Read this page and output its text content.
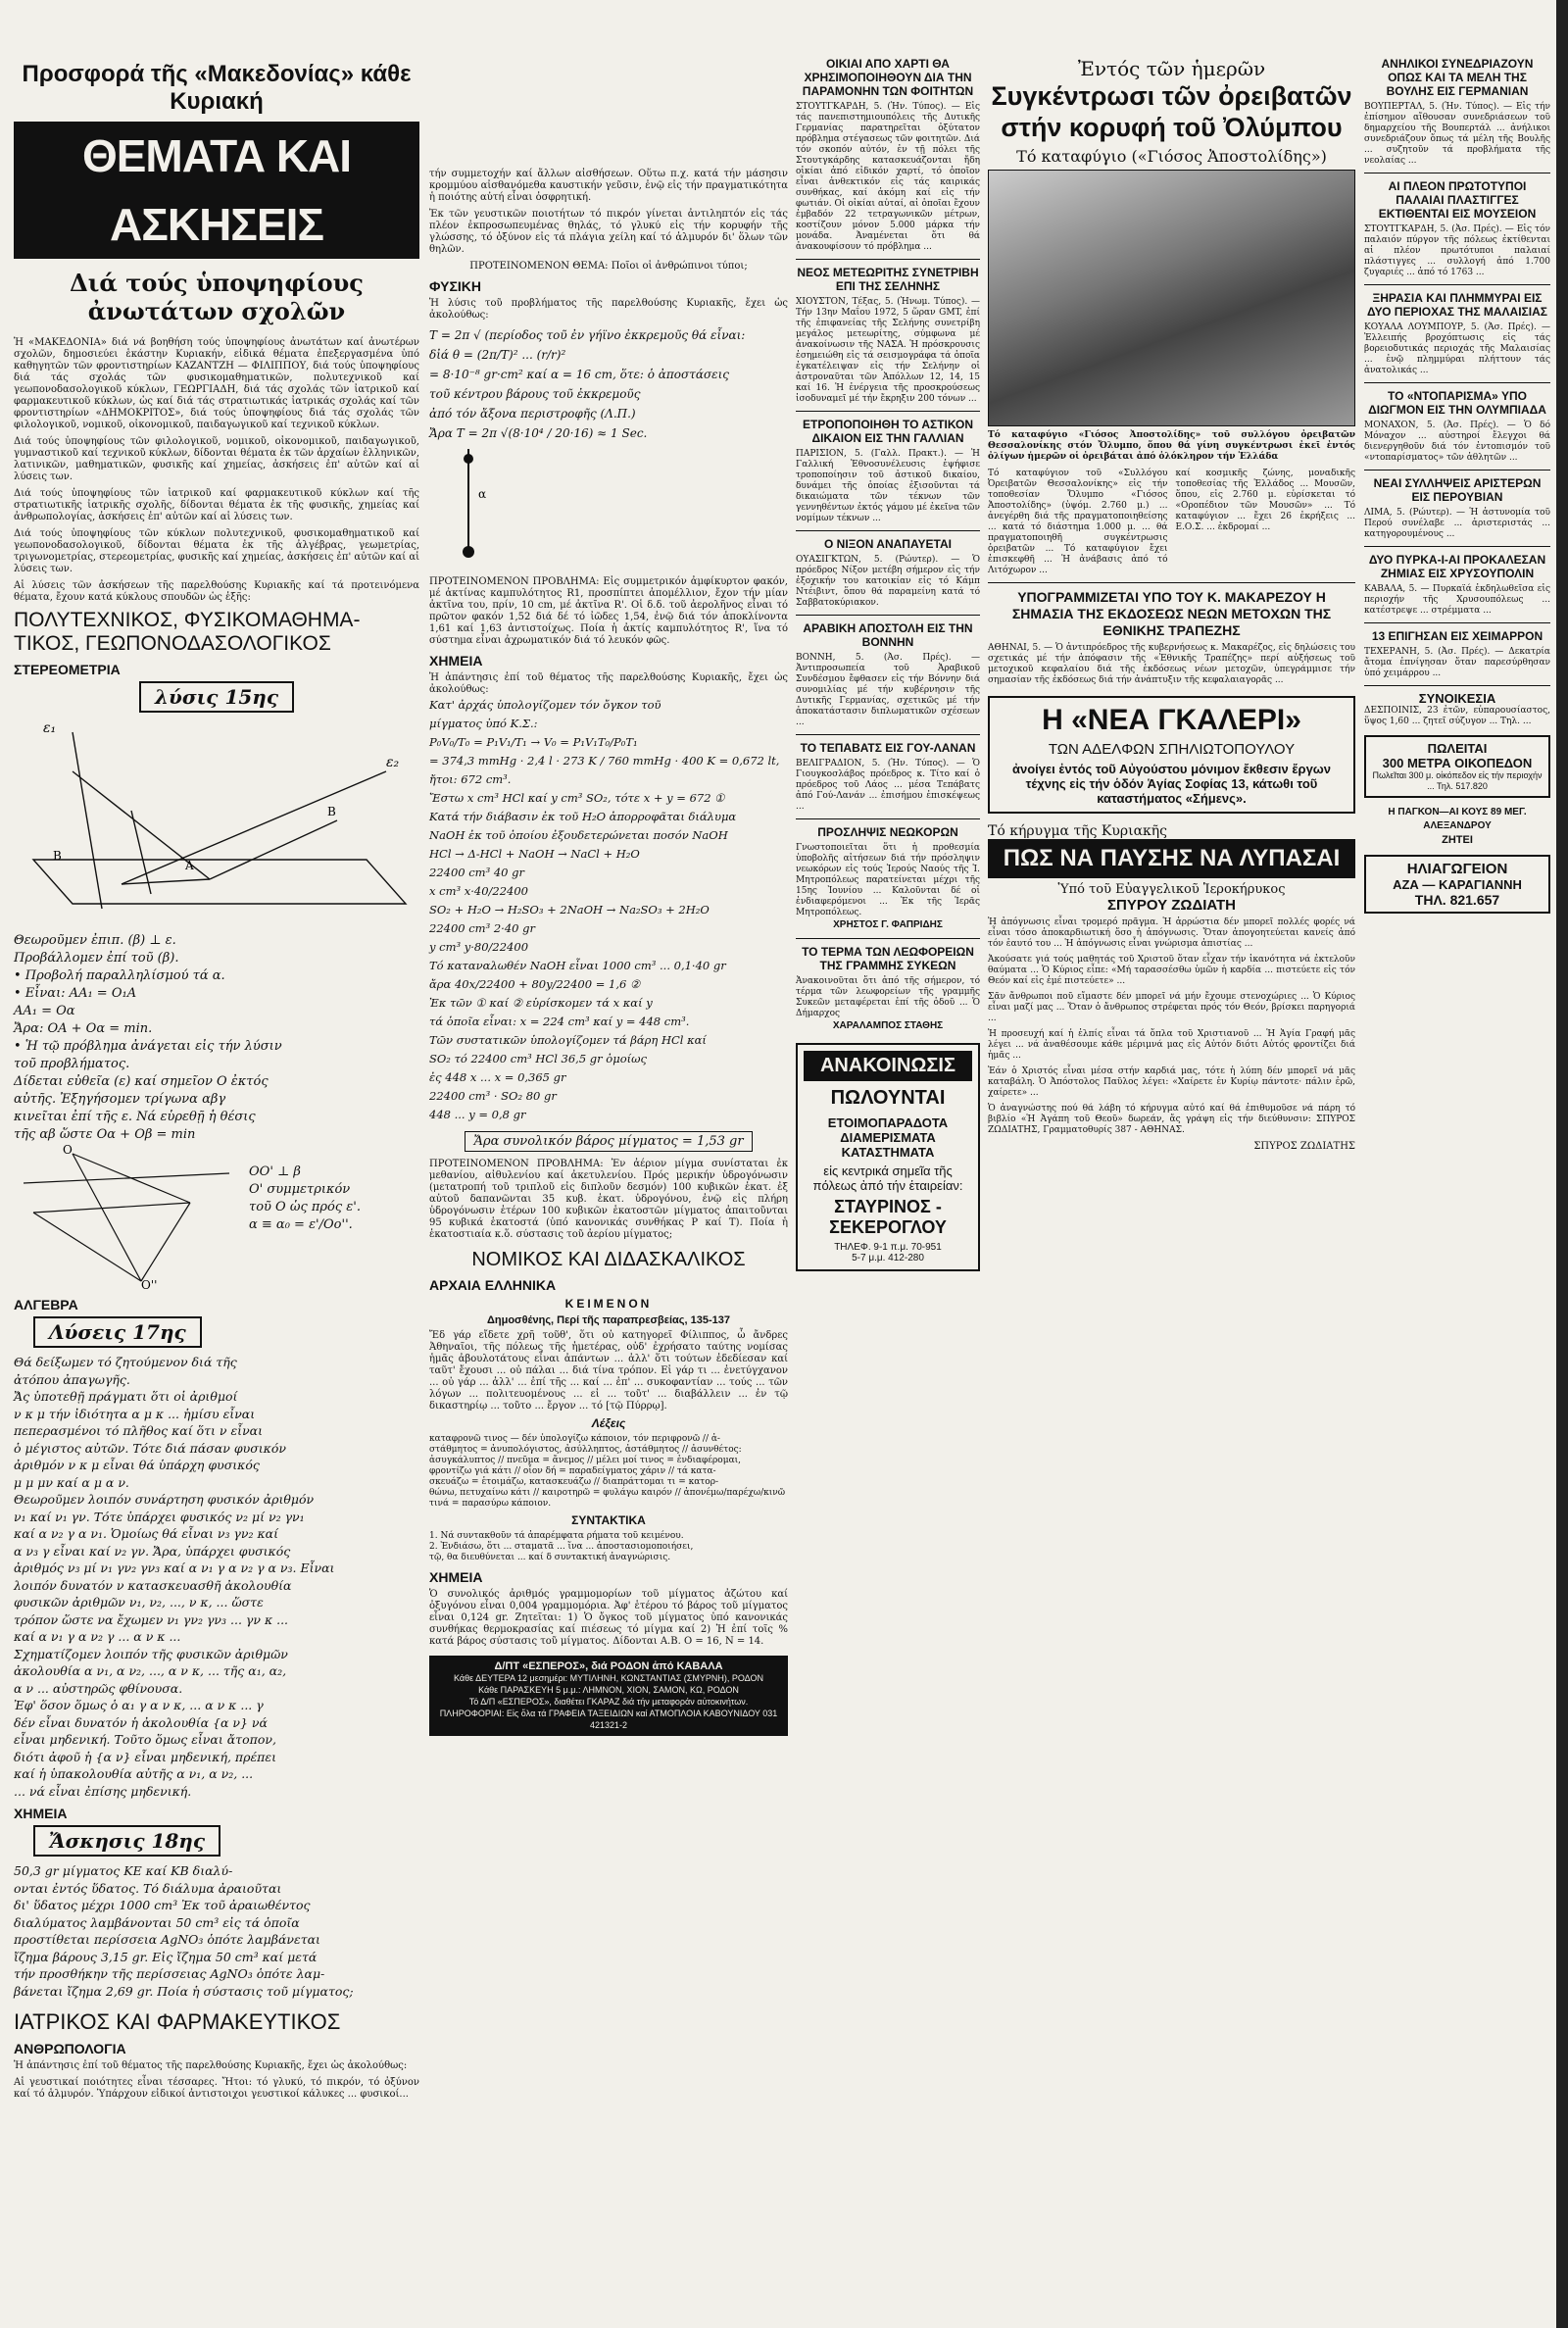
Προσφορά τῆς «Μακεδονίας» κάθε Κυριακή
ΘΕΜΑΤΑ ΚΑΙ ΑΣΚΗΣΕΙΣ
Διά τούς ὑποψηφίους ἀνωτάτων σχολῶν

Ἡ «ΜΑΚΕΔΟΝΙΑ» διά νά βοηθήση τούς ὑποψηφίους ἀνωτάτων καί ἀνωτέρων σχολῶν, δημοσιεύει ἑκάστην Κυριακήν, εἰδικά θέματα ἐπεξεργασμένα ὑπό καθηγητῶν τῶν φροντιστηρίων ΚΑΖΑΝΤΖΗ — ΦΙΛΙΠΠΟΥ, διά τούς ὑποψηφίους διά τάς σχολάς τῶν φυσικομαθηματικῶν, πολυτεχνικοῦ καί γεωπονοδασολογικοῦ κύκλων, ΓΕΩΡΓΙΑΔΗ, διά τάς σχολάς τῶν ἰατρικοῦ καί φαρμακευτικοῦ κύκλων, ὡς καί διά τάς στρατιωτικάς ἰατρικάς σχολάς καί τῶν φροντιστηρίων «ΔΗΜΟΚΡΙΤΟΣ», διά τούς ὑποψηφίους διά τάς σχολάς τῶν φιλολογικοῦ, νομικοῦ, οἰκονομικοῦ, παιδαγωγικοῦ καί τεχνικοῦ κύκλων.

Διά τούς ὑποψηφίους τῶν φιλολογικοῦ, νομικοῦ, οἰκονομικοῦ, παιδαγωγικοῦ, γυμναστικοῦ καί τεχνικοῦ κύκλων, δίδονται θέματα ἐκ τῶν ἀρχαίων ἑλληνικῶν, λατινικῶν, μαθηματικῶν, φυσικῆς καί χημείας, ἀσκήσεις ἐπ' αὐτῶν καί αἱ λύσεις των.

Διά τούς ὑποψηφίους τῶν ἰατρικοῦ καί φαρμακευτικοῦ κύκλων καί τῆς στρατιωτικῆς ἰατρικῆς σχολῆς, δίδονται θέματα ἐκ τῆς φυσικῆς, χημείας καί ἀνθρωπολογίας, ἀσκήσεις ἐπ' αὐτῶν καί αἱ λύσεις των.

Διά τούς ὑποψηφίους τῶν κύκλων πολυτεχνικοῦ, φυσικομαθηματικοῦ καί γεωπονοδασολογικοῦ, δίδονται θέματα ἐκ τῆς ἀλγέβρας, γεωμετρίας, τριγωνομετρίας, στερεομετρίας, φυσικῆς καί χημείας, ἀσκήσεις ἐπ' αὐτῶν καί αἱ λύσεις των.

Αἱ λύσεις τῶν ἀσκήσεων τῆς παρελθούσης Κυριακῆς καί τά προτεινόμενα θέματα, ἔχουν κατά κύκλους σπουδῶν ὡς ἑξῆς:

ΠΟΛΥΤΕΧΝΙΚΟΣ, ΦΥΣΙΚΟΜΑΘΗΜΑ-ΤΙΚΟΣ, ΓΕΩΠΟΝΟΔΑΣΟΛΟΓΙΚΟΣ
ΣΤΕΡΕΟΜΕΤΡΙΑ
λύσις 15ης
ε₁
ε₂
A
B
B
Θεωροῦμεν ἐπιπ. (β) ⊥ ε.
Προβάλλομεν ἐπί τοῦ (β).
• Προβολή παραλληλίσμού τά α.
• Εἶναι: ΑΑ₁ = Ο₁Α
ΑΑ₁ = Οα
Ἄρα: ΟΑ + Οα = min.
• Ἡ τῷ πρόβλημα ἀνάγεται εἰς τήν λύσιν
τοῦ προβλήματος.
Δίδεται εὐθεῖα (ε) καί σημεῖον Ο ἐκτός
αὐτῆς. Ἐξηγήσομεν τρίγωνα αβγ
κινεῖται ἐπί τῆς ε. Νά εὑρεθῇ ἡ θέσις
τῆς αβ ὥστε Οα + Οβ = min
O
O''
ΟΟ' ⊥ β
Ο' συμμετρικόν
τοῦ Ο ὡς πρός ε'.
α ≡ α₀ = ε'/Οο''.
ΑΛΓΕΒΡΑ
Λύσεις 17ης
Θά δείξωμεν τό ζητούμενον διά τῆς
ἀτόπου ἀπαγωγῆς.
Ἄς ὑποτεθῇ πράγματι ὅτι οἱ ἀριθμοί
ν κ μ τήν ἰδιότητα α μ κ ... ἡμίσυ εἶναι
πεπερασμένοι τό πλῆθος καί ὅτι ν εἶναι
ὁ μέγιστος αὐτῶν. Τότε διά πάσαν φυσικόν
ἀριθμόν ν κ μ εἶναι θά ὑπάρχη φυσικός
μ μ μν καί α μ α ν.
Θεωροῦμεν λοιπόν συνάρτηση φυσικόν ἀριθμόν
ν₁ καί ν₁ γν. Τότε ὑπάρχει φυσικός ν₂ μί ν₂ γν₁
καί α ν₂ γ α ν₁. Ὁμοίως θά εἶναι ν₃ γν₂ καί
α ν₃ γ εἶναι καί ν₂ γν. Ἄρα, ὑπάρχει φυσικός
ἀριθμός ν₃ μί ν₁ γν₂ γν₃ καί α ν₁ γ α ν₂ γ α ν₃. Εἶναι
λοιπόν δυνατόν ν κατασκευασθῆ ἀκολουθία
φυσικῶν ἀριθμῶν ν₁, ν₂, ..., ν κ, ... ὥστε
τρόπον ὥστε να ἔχωμεν ν₁ γν₂ γν₃ ... γν κ ...
καί α ν₁ γ α ν₂ γ ... α ν κ ...
Σχηματίζομεν λοιπόν τῆς φυσικῶν ἀριθμῶν
ἀκολουθία α ν₁, α ν₂, ..., α ν κ, ... τῆς α₁, α₂,
α ν ... αὐστηρῶς φθίνουσα.
Ἐφ' ὅσον ὅμως ὁ α₁ γ α ν κ, ... α ν κ ... γ
δέν εἶναι δυνατόν ἡ ἀκολουθία {α ν} νά
εἶναι μηδενική. Τοῦτο ὅμως εἶναι ἄτοπον,
διότι ἀφοῦ ἡ {α ν} εἶναι μηδενική, πρέπει
καί ἡ ὑπακολουθία αὐτῆς α ν₁, α ν₂, ...
... νά εἶναι ἐπίσης μηδενική.
ΧΗΜΕΙΑ
Ἄσκησις 18ης
50,3 gr μίγματος ΚΕ καί ΚΒ διαλύ-
ονται ἐντός ὕδατος. Τό διάλυμα ἀραιοῦται
δι' ὕδατος μέχρι 1000 cm³ Ἐκ τοῦ ἀραιωθέντος
διαλύματος λαμβάνονται 50 cm³ εἰς τά ὁποῖα
προστίθεται περίσσεια AgNO₃ ὁπότε λαμβάνεται
ἴζημα βάρους 3,15 gr. Εἰς ἴζημα 50 cm³ καί μετά
τήν προσθήκην τῆς περίσσειας AgNO₃ ὁπότε λαμ-
βάνεται ἴζημα 2,69 gr. Ποία ἡ σύστασις τοῦ μίγματος;
ΙΑΤΡΙΚΟΣ ΚΑΙ ΦΑΡΜΑΚΕΥΤΙΚΟΣ
ΑΝΘΡΩΠΟΛΟΓΙΑ

Ἡ ἀπάντησις ἐπί τοῦ θέματος τῆς παρελθούσης Κυριακῆς, ἔχει ὡς ἀκολούθως:

Αἱ γευστικαί ποιότητες εἶναι τέσσαρες. Ἤτοι: τό γλυκύ, τό πικρόν, τό ὀξύνον καί τό ἁλμυρόν. Ὑπάρχουν εἰδικοί ἀντιστοιχοι γευστικοί κάλυκες ... φυσικοί...

τήν συμμετοχήν καί ἄλλων αἰσθήσεων. Οὕτω π.χ. κατά τήν μάσησιν κρομμύου αἰσθανόμεθα καυστικήν γεῦσιν, ἐνῷ εἰς τήν πραγματικότητα ἡ ποιότης αὐτή εἶναι ὀσφρητική.

Ἐκ τῶν γευστικῶν ποιοτήτων τό πικρόν γίνεται ἀντιληπτόν εἰς τάς πλέον ἐκπροσωπευμένας θηλάς, τό γλυκύ εἰς τήν κορυφήν τῆς γλώσσης, τό ὀξύνον εἰς τά πλάγια χείλη καί τό ἁλμυρόν δι' ὅλων τῶν θηλῶν.

ΠΡΟΤΕΙΝΟΜΕΝΟΝ ΘΕΜΑ: Ποῖοι οἱ ἀνθρώπινοι τύποι;

ΦΥΣΙΚΗ
Ἡ λύσις τοῦ προβλήματος τῆς παρελθούσης Κυριακῆς, ἔχει ὡς ἀκολούθως:
T = 2π √ (περίοδος τοῦ ἐν γήϊνο ἐκκρεμοῦς θά εἶναι:
δἰά θ = (2π/Τ)² ... (r/r)²
= 8·10⁻⁸ gr·cm² καί α = 16 cm, ὅτε: ὁ ἀποστάσεις
τοῦ κέντρου βάρους τοῦ ἐκκρεμοῦς
ἀπό τόν ἄξονα περιστροφῆς (Λ.Π.)
Ἄρα Τ = 2π √(8·10⁴ / 20·16) ≈ 1 Sec.
α
ΠΡΟΤΕΙΝΟΜΕΝΟΝ ΠΡΟΒΛΗΜΑ: Εἰς συμμετρικόν ἀμφίκυρτον φακόν, μέ ἀκτίνας καμπυλότητος R1, προσπίπτει ἀπομέλλιον, ἔχον τήν μίαν ἀκτῖνα του, πρίν, 10 cm, μέ ἀκτῖνα R'. Οἱ δ.δ. τοῦ ἀερολῆνος εἶναι τό πρῶτον φακόν 1,52 διά δέ τό ἰῶδες 1,54, ἐνῷ διά τόν ἀποκλίνοντα 1,61 καί 1,63 ἀντιστοίχως. Ποία ἡ ἀκτίς καμπυλότητος R', ἵνα τό σύστημα εἶναι ἀχρωματικόν διά τό λευκόν φῶς.
ΧΗΜΕΙΑ
Ἡ ἀπάντησις ἐπί τοῦ θέματος τῆς παρελθούσης Κυριακῆς, ἔχει ὡς ἀκολούθως:
Κατ' ἀρχάς ὑπολογίζομεν τόν ὄγκον τοῦ
μίγματος ὑπό Κ.Σ.:
P₀V₀/T₀ = P₁V₁/T₁ → V₀ = P₁V₁T₀/P₀T₁
= 374,3 mmHg · 2,4 l · 273 K / 760 mmHg · 400 K = 0,672 lt, ἤτοι: 672 cm³.
Ἔστω x cm³ HCl καί y cm³ SO₂, τότε x + y = 672 ①
Κατά τήν διάβασιν ἐκ τοῦ H₂O ἀπορροφᾶται διάλυμα
NaOH ἐκ τοῦ ὁποίου ἐξουδετερώνεται ποσόν NaOH
HCl → Δ-HCl + NaOH → NaCl + H₂O
22400 cm³ 40 gr
x cm³ x·40/22400
SO₂ + H₂O → H₂SO₃ + 2NaOH → Na₂SO₃ + 2H₂O
22400 cm³ 2·40 gr
y cm³ y·80/22400
Τό καταναλωθέν NaOH εἶναι 1000 cm³ ... 0,1·40 gr
ἄρα 40x/22400 + 80y/22400 = 1,6 ②
Ἐκ τῶν ① καί ② εὑρίσκομεν τά x καί y
τά ὁποῖα εἶναι: x = 224 cm³ καί y = 448 cm³.
Τῶν συστατικῶν ὑπολογίζομεν τά βάρη HCl καί
SO₂ τό 22400 cm³ HCl 36,5 gr ὁμοίως
ἐς 448 x ... x = 0,365 gr
22400 cm³ · SO₂ 80 gr
448 ... y = 0,8 gr
Ἄρα συνολικόν βάρος μίγματος = 1,53 gr
ΠΡΟΤΕΙΝΟΜΕΝΟΝ ΠΡΟΒΛΗΜΑ: Ἐν ἀέριον μίγμα συνίσταται ἐκ μεθανίου, αἰθυλενίου καί ἀκετυλενίου. Πρός μερικήν ὑδρογόνωσιν (μετατροπή τοῦ τριπλοῦ εἰς διπλοῦν δεσμόν) 100 κυβικῶν ἑκατ. ἐξ αὐτοῦ δαπανῶνται 35 κυβ. ἑκατ. ὑδρογόνου, ἐνῷ εἰς πλήρη ὑδρογόνωσιν ἑτέρων 100 κυβικῶν ἑκατοστῶν μίγματος ἀπαιτοῦνται 95 κυβικά ἑκατοστά (ὑπό κανονικάς συνθήκας P καί T). Ποία ἡ ἑκατοστιαία κ.ὅ. σύστασις τοῦ ἀερίου μίγματος;
ΝΟΜΙΚΟΣ ΚΑΙ ΔΙΔΑΣΚΑΛΙΚΟΣ
ΑΡΧΑΙΑ ΕΛΛΗΝΙΚΑ
ΚΕΙΜΕΝΟΝ
Δημοσθένης, Περί τῆς παραπρεσβείας, 135-137
Ἔδ γάρ εἴδετε χρῆ τοῦθ', ὅτι οὐ κατηγορεῖ Φίλιππος, ὦ ἄνδρες Ἀθηναῖοι, τῆς πόλεως τῆς ἡμετέρας, οὐδ' ἐχρήσατο ταύτης νομίσας ἡμᾶς ἀβουλοτάτους εἶναι ἀπάντων ... ἀλλ' ὅτι τούτων ἐδεδίεσαν καί ταῦτ' ἔχουσι ... οὐ πάλαι ... διά τίνα τρόπον. Εἰ γάρ τι ... ἐνετύγχανον ... οὐ γάρ ... ἀλλ' ... ἐπί τῆς ... καί ... ἐπ' ... συκοφαντίαν ... τούς ... τῶν λόγων ... πολιτευομένους ... εἰ ... τοῦτ' ... διαβάλλειν ... ἐν τῷ δικαστηρίῳ ... τοῦτο ... ἔργον ... τό [τῷ Πύρρῳ].
Λέξεις
καταφρονῶ τινος — δέν ὑπολογίζω κάποιον, τόν περιφρονῶ // ἀ-
στάθμητος = ἀνυπολόγιστος, ἀσύλληπτος, ἀστάθμητος // ἀσυνθέτος:
ἀσυγκάλυπτος // πνεῦμα = ἄνεμος // μέλει μοί τινος = ἐνδιαφέρομαι,
φροντίζω γιά κάτι // οἶον δή = παραδείγματος χάριν // τά κατα-
σκευάζω = ἑτοιμάζω, κατασκευάζω // διαπράττομαι τι = κατορ-
θώνω, πετυχαίνω κάτι // καιροτηρῶ = φυλάγω καιρόν // ἀπονέμω/παρέχω/κινῶ
τινά = παρασύρω κάποιον.
ΣΥΝΤΑΚΤΙΚΑ
1. Νά συντακθοῦν τά ἀπαρέμφατα ρήματα τοῦ κειμένου.
2. Ἐνδιάσω, ὅτι ... σταματᾶ ... ἵνα ... ἀποστασιομοποιήσει,
τῷ, θα διευθύνεται ... καί δ συντακτική ἀναγνώρισις.
ΧΗΜΕΙΑ
Ὁ συνολικός ἀριθμός γραμμομορίων τοῦ μίγματος ἀζώτου καί ὀξυγόνου εἶναι 0,004 γραμμομόρια. Ἀφ' ἑτέρου τό βάρος τοῦ μίγματος εἶναι 0,124 gr. Ζητεῖται: 1) Ὁ ὄγκος τοῦ μίγματος ὑπό κανονικάς συνθήκας θερμοκρασίας καί πιέσεως τό μίγμα καί 2) Ἡ ἐπί τοῖς % κατά βάρος σύστασις τοῦ μίγματος. Δίδονται Α.Β. Ο = 16, Ν = 14.
Δ/ΠΤ «ΕΣΠΕΡΟΣ», διά ΡΟΔΟΝ ἀπό ΚΑΒΑΛΑ
Κάθε ΔΕΥΤΕΡΑ 12 μεσημέρι: ΜΥΤΙΛΗΝΗ, ΚΩΝΣΤΑΝΤΙΑΣ (ΣΜΥΡΝΗ), ΡΟΔΟΝ
Κάθε ΠΑΡΑΣΚΕΥΗ 5 μ.μ.: ΛΗΜΝΟΝ, ΧΙΟΝ, ΣΑΜΟΝ, ΚΩ, ΡΟΔΟΝ
Τό Δ/Π «ΕΣΠΕΡΟΣ», διαθέτει ΓΚΑΡΑΖ διά τήν μεταφοράν αὐτοκινήτων.
ΠΛΗΡΟΦΟΡΙΑΙ: Εἰς ὅλα τά ΓΡΑΦΕΙΑ ΤΑΞΕΙΔΙΩΝ καί ΑΤΜΟΠΛΟΙΑ ΚΑΒΟΥΝΙΔΟΥ 031 421321-2
ΟΙΚΙΑΙ ΑΠΟ ΧΑΡΤΙ ΘΑ ΧΡΗΣΙΜΟΠΟΙΗΘΟΥΝ ΔΙΑ ΤΗΝ ΠΑΡΑΜΟΝΗΝ ΤΩΝ ΦΟΙΤΗΤΩΝ
ΣΤΟΥΤΓΚΑΡΔΗ, 5. (Ἠν. Τύπος). — Εἰς τάς πανεπιστημιουπόλεις τῆς Δυτικῆς Γερμανίας παρατηρεῖται ὀξύτατον πρόβλημα στέγασεως τῶν φοιτητῶν. Διά τόν σκοπόν αὐτόν, ἐν τῇ πόλει τῆς Στουτγκάρδης κατασκευάζονται ἤδη οἰκίαι ἀπό εἰδικόν χαρτί, τό ὁποῖον εἶναι ἀνθεκτικόν εἰς τάς καιρικάς συνθήκας, καί ἀκόμη καί εἰς τήν φωτιάν. Οἱ οἰκίαι αὐταί, αἱ ὁποῖαι ἔχουν ἐμβαδόν 22 τετραγωνικῶν μέτρων, κοστίζουν μόνον 5.000 μάρκα τήν μονάδα. Ἀναμένεται ὅτι θά ἀνακουφίσουν τό πρόβλημα ...
ΝΕΟΣ ΜΕΤΕΩΡΙΤΗΣ ΣΥΝΕΤΡΙΒΗ ΕΠΙ ΤΗΣ ΣΕΛΗΝΗΣ
ΧΙΟΥΣΤΟΝ, Τέξας, 5. (Ἠνωμ. Τύπος). — Τήν 13ην Μαΐου 1972, 5 ὥραν GMT, ἐπί τῆς ἐπιφανείας τῆς Σελήνης συνετρίβη μεγάλος μετεωρίτης, σύμφωνα μέ ἀνακοίνωσιν τῆς ΝΑΣΑ. Ἡ πρόσκρουσις ἐσημειώθη εἰς τά σεισμογράφα τά ὁποῖα ἐγκατέλειψαν εἰς τήν Σελήνην οἱ ἀστροναῦται τῶν Ἀπόλλων 12, 14, 15 καί 16. Ἡ ἐνέργεια τῆς προσκρούσεως ἰσοδυναμεῖ μέ τήν ἔκρηξιν 200 τόνων ...
ΕΤΡΟΠΟΠΟΙΗΘΗ ΤΟ ΑΣΤΙΚΟΝ ΔΙΚΑΙΟΝ ΕΙΣ ΤΗΝ ΓΑΛΛΙΑΝ
ΠΑΡΙΣΙΟΝ, 5. (Γαλλ. Πρακτ.). — Ἡ Γαλλική Ἐθνοσυνέλευσις ἐψήφισε τροποποίησιν τοῦ ἀστικοῦ δικαίου, δυνάμει τῆς ὁποίας ἐξισοῦνται τά δικαιώματα τῶν τέκνων τῶν γεννηθέντων ἐκτός γάμου μέ ἐκεῖνα τῶν νομίμων τέκνων ...
Ο ΝΙΞΟΝ ΑΝΑΠΑΥΕΤΑΙ
ΟΥΑΣΙΓΚΤΩΝ, 5. (Ρώυτερ). — Ὁ πρόεδρος Νίξον μετέβη σήμερον εἰς τήν ἐξοχικήν του κατοικίαν εἰς τό Κάμπ Ντέιβιντ, ὅπου θά παραμείνη κατά τό Σαββατοκύριακον.
ΑΡΑΒΙΚΗ ΑΠΟΣΤΟΛΗ ΕΙΣ ΤΗΝ ΒΟΝΝΗΝ
ΒΟΝΝΗ, 5. (Ἀσ. Πρές). — Ἀντιπροσωπεία τοῦ Ἀραβικοῦ Συνδέσμου ἔφθασεν εἰς τήν Βόννην διά συνομιλίας μέ τήν κυβέρνησιν τῆς Δυτικῆς Γερμανίας, σχετικῶς μέ τήν ἀποκατάστασιν διπλωματικῶν σχέσεων ...
ΤΟ ΤΕΠΑΒΑΤΣ ΕΙΣ ΓΟΥ-ΛΑΝΑΝ
ΒΕΛΙΓΡΑΔΙΟΝ, 5. (Ἠν. Τύπος). — Ὁ Γιουγκοσλάβος πρόεδρος κ. Τίτο καί ὁ πρόεδρος τοῦ Λάος ... μέσα Τεπάβατς ἀπό Γού-Λανάν ... ἐπισήμου ἐπισκέψεως ...
ΠΡΟΣΛΗΨΙΣ ΝΕΩΚΟΡΩΝ
Γνωστοποιεῖται ὅτι ἡ προθεσμία ὑποβολῆς αἰτήσεων διά τήν πρόσληψιν νεωκόρων εἰς τούς Ἱερούς Ναούς τῆς Ἱ. Μητροπόλεως παρατείνεται μέχρι τῆς 15ης Ἰουνίου ... Καλοῦνται δέ οἱ ἐνδιαφερόμενοι ... Ἐκ τῆς Ἱερᾶς Μητροπόλεως.
ΧΡΗΣΤΟΣ Γ. ΦΑΠΡΙΔΗΣ
ΤΟ ΤΕΡΜΑ ΤΩΝ ΛΕΩΦΟΡΕΙΩΝ ΤΗΣ ΓΡΑΜΜΗΣ ΣΥΚΕΩΝ
Ἀνακοινοῦται ὅτι ἀπό τῆς σήμερον, τό τέρμα τῶν λεωφορείων τῆς γραμμῆς Συκεῶν μεταφέρεται ἐπί τῆς ὁδοῦ ... Ὁ Δήμαρχος
ΧΑΡΑΛΑΜΠΟΣ ΣΤΑΘΗΣ
ΑΝΑΚΟΙΝΩΣΙΣ
ΠΩΛΟΥΝΤΑΙ
ΕΤΟΙΜΟΠΑΡΑΔΟΤΑ ΔΙΑΜΕΡΙΣΜΑΤΑ ΚΑΤΑΣΤΗΜΑΤΑ
εἰς κεντρικά σημεῖα τῆς πόλεως ἀπό τήν ἑταιρείαν:
ΣΤΑΥΡΙΝΟΣ - ΣΕΚΕΡΟΓΛΟΥ
ΤΗΛΕΦ. 9-1 π.μ. 70-951
5-7 μ.μ. 412-280
Ἐντός τῶν ἡμερῶν
Συγκέντρωσι τῶν ὀρειβατῶν στήν κορυφή τοῦ Ὀλύμπου
Τό καταφύγιο («Γιόσος Ἀποστολίδης»)
Τό καταφύγιο «Γιόσος Ἀποστολίδης» τοῦ συλλόγου ὀρειβατῶν Θεσσαλονίκης στόν Ὄλυμπο, ὅπου θά γίνη συγκέντρωσι ἐκεῖ ἐντός ὀλίγων ἡμερῶν οἱ ὀρειβάται ἀπό ὁλόκληρον τήν Ἑλλάδα
Τό καταφύγιον τοῦ «Συλλόγου Ὀρειβατῶν Θεσσαλονίκης» εἰς τήν τοποθεσίαν Ὄλυμπο «Γιόσος Ἀποστολίδης» (ὑψόμ. 2.760 μ.) ... ἀνεγέρθη διά τῆς πραγματοποιηθείσης ... κατά τό διάστημα 1.000 μ. ... θά πραγματοποιηθῆ συγκέντρωσις ὀρειβατῶν ... Τό καταφύγιον ἔχει ἐπισκεφθῆ ... Ἡ ἀνάβασις ἀπό τό Λιτόχωρον ...
καί κοσμικῆς ζώνης, μοναδικῆς τοποθεσίας τῆς Ἑλλάδος ... Μουσῶν, ὅπου, εἰς 2.760 μ. εὑρίσκεται τό «Οροπέδιον τῶν Μουσῶν» ... Τό καταφύγιον ... ἔχει 26 ἐκρήξεις ... Ε.Ο.Σ. ... ἐκδρομαί ...
ΥΠΟΓΡΑΜΜΙΖΕΤΑΙ ΥΠΟ ΤΟΥ Κ. ΜΑΚΑΡΕΖΟΥ Η ΣΗΜΑΣΙΑ ΤΗΣ ΕΚΔΟΣΕΩΣ ΝΕΩΝ ΜΕΤΟΧΩΝ ΤΗΣ ΕΘΝΙΚΗΣ ΤΡΑΠΕΖΗΣ
ΑΘΗΝΑΙ, 5. — Ὁ ἀντιπρόεδρος τῆς κυβερνήσεως κ. Μακαρέζος, εἰς δηλώσεις του σχετικάς μέ τήν ἀπόφασιν τῆς «Ἐθνικῆς Τραπέζης» περί αὐξήσεως τοῦ μετοχικοῦ κεφαλαίου διά τῆς ἐκδόσεως νέων μετοχῶν, ὑπεγράμμισε τήν σημασίαν τῆς ἐκδόσεως διά τήν ἀνάπτυξιν τῆς κεφαλαιαγορᾶς ...
Η «ΝΕΑ ΓΚΑΛΕΡΙ»
ΤΩΝ ΑΔΕΛΦΩΝ ΣΠΗΛΙΩΤΟΠΟΥΛΟΥ
ἀνοίγει ἐντός τοῦ Αὐγούστου μόνιμον ἔκθεσιν ἔργων τέχνης εἰς τήν ὁδόν Ἁγίας Σοφίας 13, κάτωθι τοῦ καταστήματος «Σήμενς».
Τό κήρυγμα τῆς Κυριακῆς
ΠΩΣ ΝΑ ΠΑΥΣΗΣ ΝΑ ΛΥΠΑΣΑΙ
Ὑπό τοῦ Εὐαγγελικοῦ Ἱεροκήρυκος
ΣΠΥΡΟΥ ΖΩΔΙΑΤΗ

Ἡ ἀπόγνωσις εἶναι τρομερό πρᾶγμα. Ἡ ἀρρώστια δέν μπορεῖ πολλές φορές νά εἶναι τόσο ἀποκαρδιωτική ὅσο ἡ ἀπόγνωσις. Ὅταν ἀπογοητεύεται κανείς ἀπό τόν ἑαυτό του ... Ἡ ἀπόγνωσις εἶναι γνώρισμα ἀπιστίας ...

Ἀκούσατε γιά τούς μαθητάς τοῦ Χριστοῦ ὅταν εἶχαν τήν ἱκανότητα νά ἐκτελοῦν θαύματα ... Ὁ Κύριος εἶπε: «Μή ταρασσέσθω ὑμῶν ἡ καρδία ... πιστεύετε εἰς τόν Θεόν καί εἰς ἐμέ πιστεύετε» ...

Σᾶν ἄνθρωποι ποῦ εἴμαστε δέν μπορεῖ νά μήν ἔχουμε στενοχώριες ... Ὁ Κύριος εἶναι μαζί μας ... Ὅταν ὁ ἄνθρωπος στρέφεται πρός τόν Θεόν, βρίσκει παρηγοριά ...

Ἡ προσευχή καί ἡ ἐλπίς εἶναι τά ὅπλα τοῦ Χριστιανοῦ ... Ἡ Ἁγία Γραφή μᾶς λέγει ... νά ἀναθέσουμε κάθε μέριμνά μας εἰς Αὐτόν διότι Αὐτός φροντίζει διά ἡμᾶς ...

Ἐάν ὁ Χριστός εἶναι μέσα στήν καρδιά μας, τότε ἡ λύπη δέν μπορεῖ νά μᾶς καταβάλη. Ὁ Ἀπόστολος Παῦλος λέγει: «Χαίρετε ἐν Κυρίῳ πάντοτε· πάλιν ἐρῶ, χαίρετε» ...

Ὁ ἀναγνώστης πού θά λάβη τό κήρυγμα αὐτό καί θά ἐπιθυμοῦσε νά πάρη τό βιβλίο «Ἡ Ἀγάπη τοῦ Θεοῦ» δωρεάν, ἄς γράψη εἰς τήν διεύθυνσιν: ΣΠΥΡΟΣ ΖΩΔΙΑΤΗΣ, Γραμματοθυρίς 387 - ΑΘΗΝΑΣ.

ΣΠΥΡΟΣ ΖΩΔΙΑΤΗΣ
ΑΝΗΛΙΚΟΙ ΣΥΝΕΔΡΙΑΖΟΥΝ ΟΠΩΣ ΚΑΙ ΤΑ ΜΕΛΗ ΤΗΣ ΒΟΥΛΗΣ ΕΙΣ ΓΕΡΜΑΝΙΑΝ
ΒΟΥΠΕΡΤΑΛ, 5. (Ἠν. Τύπος). — Εἰς τήν ἐπίσημον αἴθουσαν συνεδριάσεων τοῦ δημαρχείου τῆς Βουπερτάλ ... ἀνήλικοι συνεδριάζουν ὅπως τά μέλη τῆς Βουλῆς ... συζητοῦν τά προβλήματα τῆς νεολαίας ...
ΑΙ ΠΛΕΟΝ ΠΡΩΤΟΤΥΠΟΙ ΠΑΛΑΙΑΙ ΠΛΑΣΤΙΓΓΕΣ ΕΚΤΙΘΕΝΤΑΙ ΕΙΣ ΜΟΥΣΕΙΟΝ
ΣΤΟΥΤΓΚΑΡΔΗ, 5. (Ἀσ. Πρές). — Εἰς τόν παλαιόν πύργον τῆς πόλεως ἐκτίθενται αἱ πλέον πρωτότυποι παλαιαί πλάστιγγες ... συλλογή ἀπό 1.700 ζυγαριές ... ἀπό τό 1763 ...
ΞΗΡΑΣΙΑ ΚΑΙ ΠΛΗΜΜΥΡΑΙ ΕΙΣ ΔΥΟ ΠΕΡΙΟΧΑΣ ΤΗΣ ΜΑΛΑΙΣΙΑΣ
ΚΟΥΑΛΑ ΛΟΥΜΠΟΥΡ, 5. (Ἀσ. Πρές). — Ἐλλειπής βροχόπτωσις εἰς τάς βορειοδυτικάς περιοχάς τῆς Μαλαισίας ... ἐνῷ πλημμύραι πλήττουν τάς ἀνατολικάς ...
ΤΟ «ΝΤΟΠΑΡΙΣΜΑ» ΥΠΟ ΔΙΩΓΜΟΝ ΕΙΣ ΤΗΝ ΟΛΥΜΠΙΑΔΑ
ΜΟΝΑΧΟΝ, 5. (Ἀσ. Πρές). — Ὁ δό Μόναχον ... αὐστηροί ἔλεγχοι θά διενεργηθοῦν διά τόν ἐντοπισμόν τοῦ «ντοπαρίσματος» τῶν ἀθλητῶν ...
ΝΕΑΙ ΣΥΛΛΗΨΕΙΣ ΑΡΙΣΤΕΡΩΝ ΕΙΣ ΠΕΡΟΥΒΙΑΝ
ΛΙΜΑ, 5. (Ρώυτερ). — Ἡ ἀστυνομία τοῦ Περού συνέλαβε ... ἀριστεριστάς ... κατηγορουμένους ...
ΔΥΟ ΠΥΡΚΑ-Ι-ΑΙ ΠΡΟΚΑΛΕΣΑΝ ΖΗΜΙΑΣ ΕΙΣ ΧΡΥΣΟΥΠΟΛΙΝ
ΚΑΒΑΛΑ, 5. — Πυρκαϊά ἐκδηλωθεῖσα εἰς περιοχήν τῆς Χρυσουπόλεως ... κατέστρεψε ... στρέμματα ...
13 ΕΠΙΓΗΣΑΝ ΕΙΣ ΧΕΙΜΑΡΡΟΝ
ΤΕΧΕΡΑΝΗ, 5. (Ἀσ. Πρές). — Δεκατρία ἄτομα ἐπνίγησαν ὅταν παρεσύρθησαν ὑπό χειμάρρου ...
ΣΥΝΟΙΚΕΣΙΑ
ΔΕΣΠΟΙΝΙΣ, 23 ἐτῶν, εὐπαρουσίαστος, ὕψος 1,60 ... ζητεῖ σύζυγον ... Τηλ. ...
ΠΩΛΕΙΤΑΙ
300 ΜΕΤΡΑ ΟΙΚΟΠΕΔΟΝ
Πωλεῖται 300 μ. οἰκόπεδον εἰς τήν περιοχήν ... Τηλ. 517.820
Η ΠΑΓΚΟΝ—ΑΙ ΚΟΥΣ 89 ΜΕΓ. ΑΛΕΞΑΝΔΡΟΥ
ΖΗΤΕΙ
ΗΛΙΑΓΩΓΕΙΟΝ
ΑΖΑ — ΚΑΡΑΓΙΑΝΝΗ
ΤΗΛ. 821.657
